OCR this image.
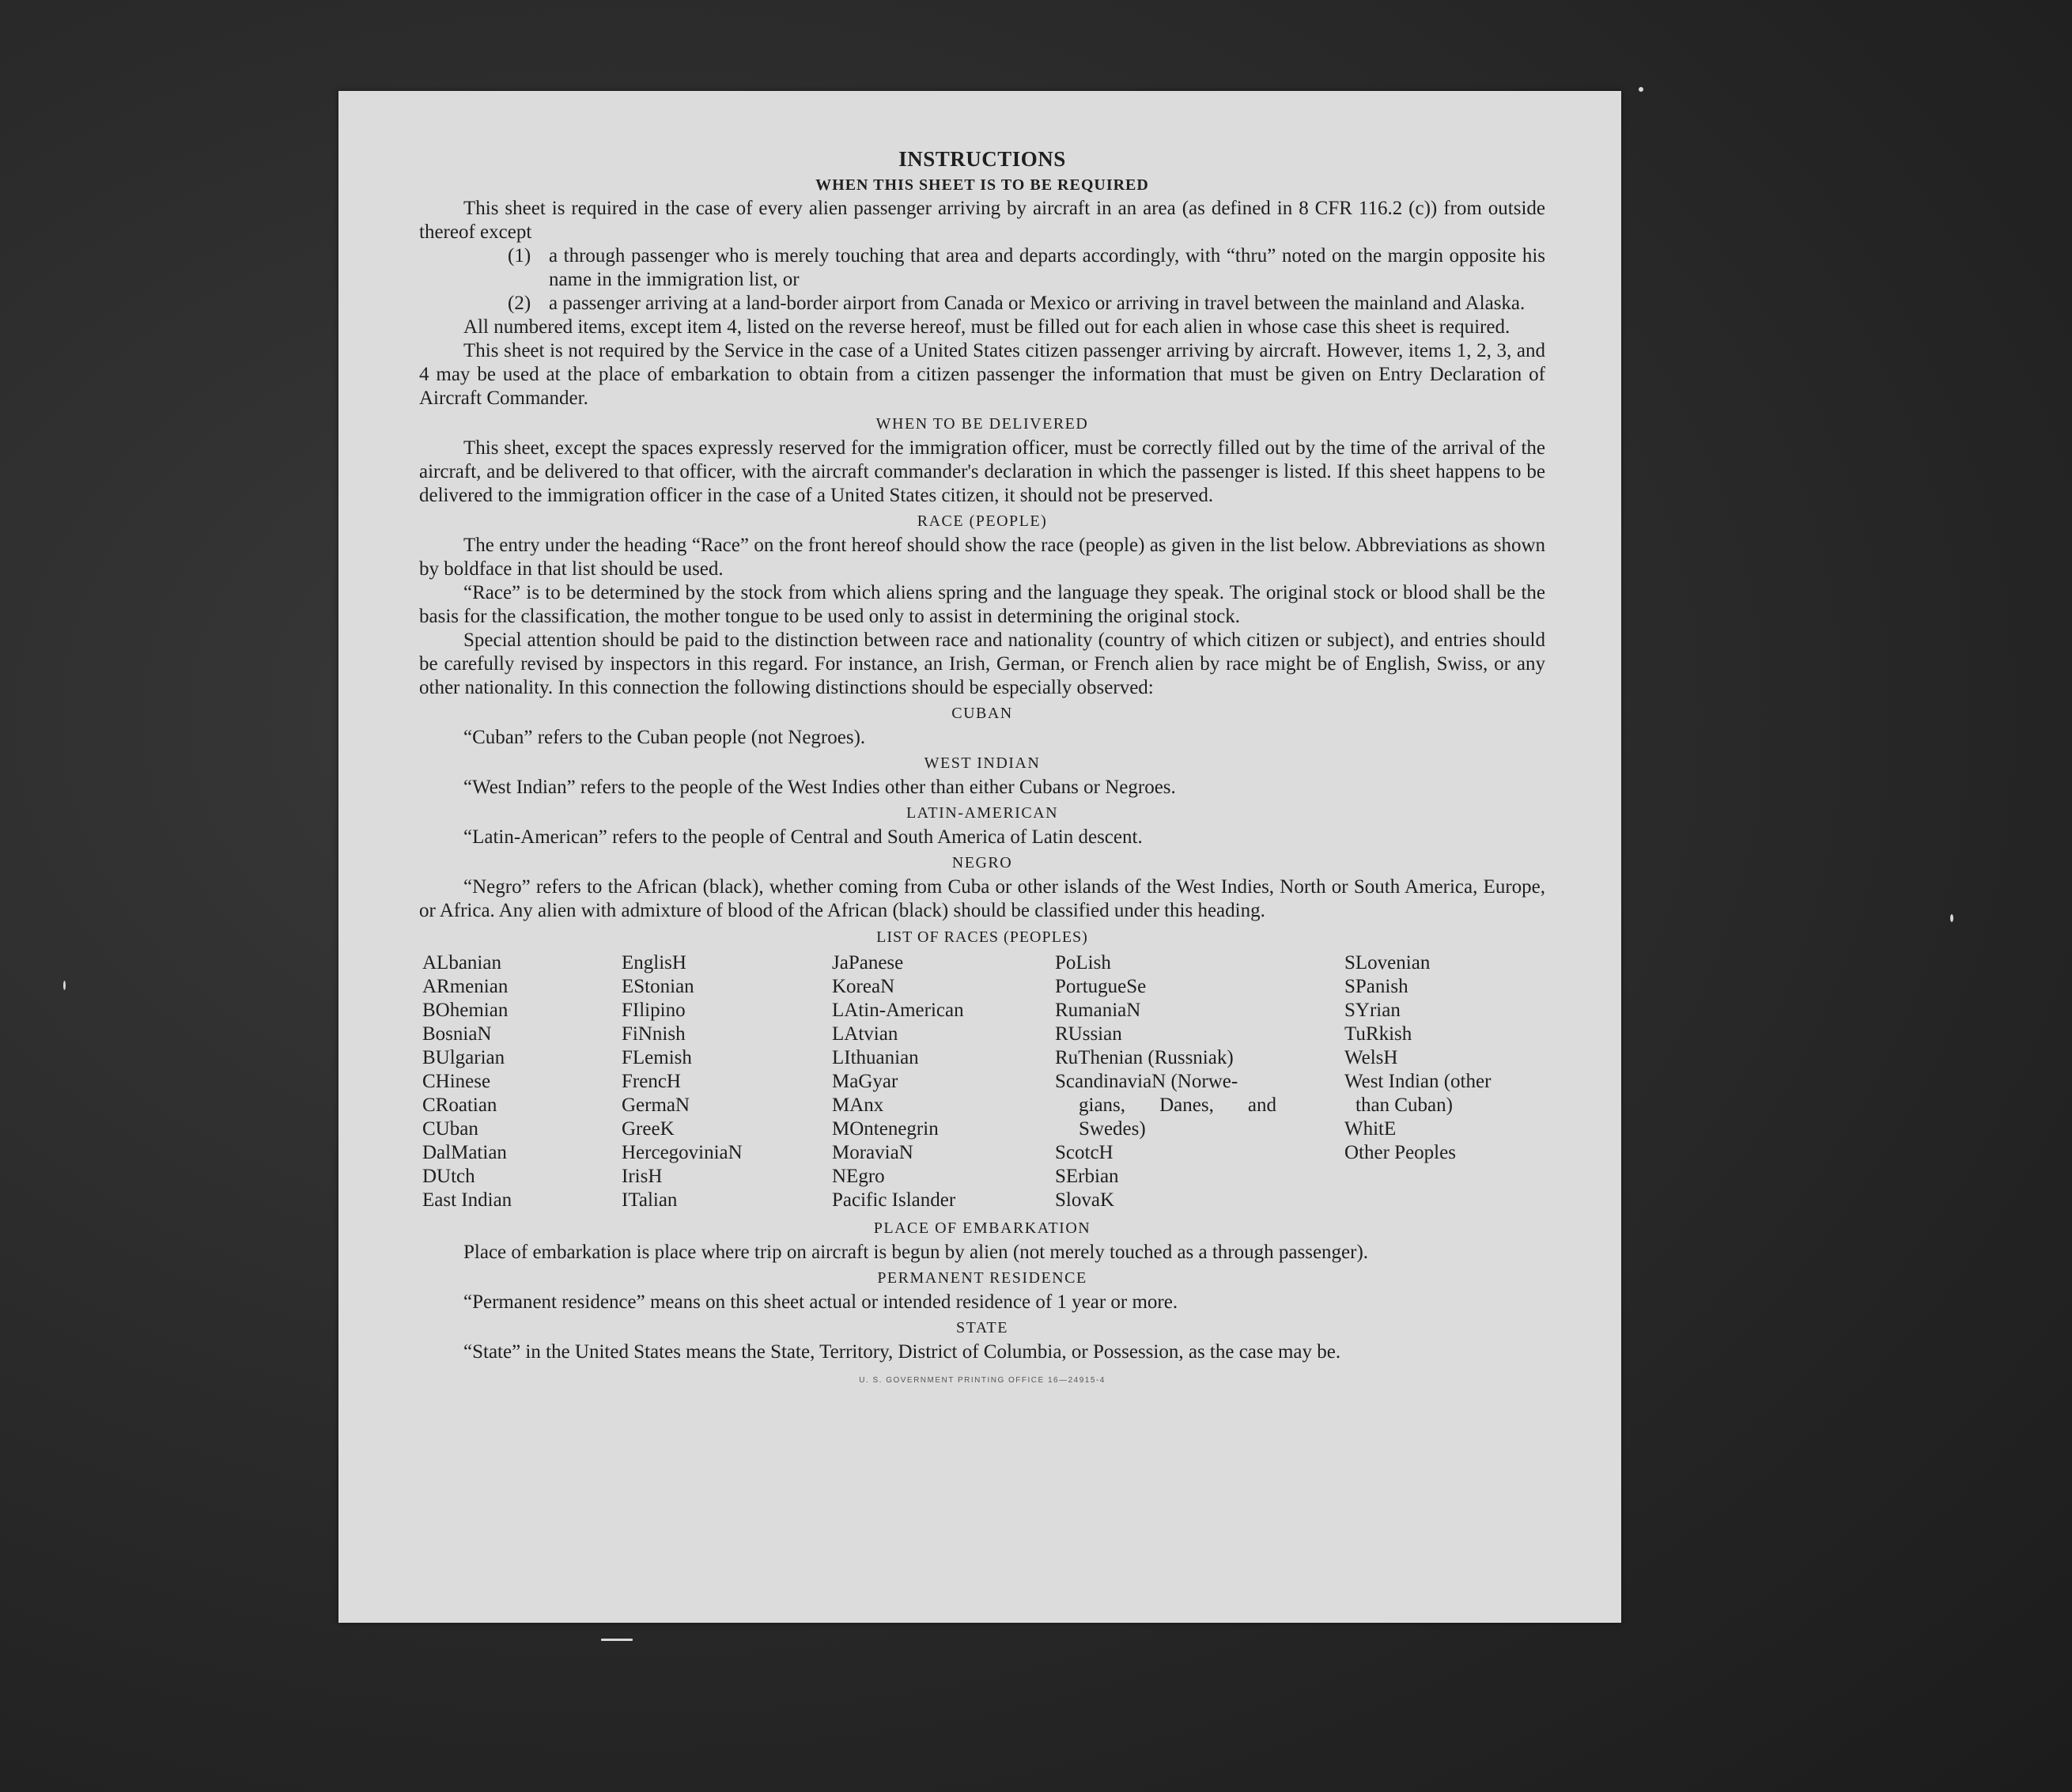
INSTRUCTIONS
WHEN THIS SHEET IS TO BE REQUIRED

This sheet is required in the case of every alien passenger arriving by aircraft in an area (as defined in 8 CFR 116.2 (c)) from outside thereof except

(1) a through passenger who is merely touching that area and departs accordingly, with “thru” noted on the margin opposite his name in the immigration list, or
(2) a passenger arriving at a land-border airport from Canada or Mexico or arriving in travel between the mainland and Alaska.

All numbered items, except item 4, listed on the reverse hereof, must be filled out for each alien in whose case this sheet is required.

This sheet is not required by the Service in the case of a United States citizen passenger arriving by aircraft. However, items 1, 2, 3, and 4 may be used at the place of embarkation to obtain from a citizen passenger the information that must be given on Entry Declaration of Aircraft Commander.

WHEN TO BE DELIVERED

This sheet, except the spaces expressly reserved for the immigration officer, must be correctly filled out by the time of the arrival of the aircraft, and be delivered to that officer, with the aircraft commander's declaration in which the passenger is listed. If this sheet happens to be delivered to the immigration officer in the case of a United States citizen, it should not be preserved.

RACE (PEOPLE)

The entry under the heading “Race” on the front hereof should show the race (people) as given in the list below. Abbreviations as shown by boldface in that list should be used.

“Race” is to be determined by the stock from which aliens spring and the language they speak. The original stock or blood shall be the basis for the classification, the mother tongue to be used only to assist in determining the original stock.

Special attention should be paid to the distinction between race and nationality (country of which citizen or subject), and entries should be carefully revised by inspectors in this regard. For instance, an Irish, German, or French alien by race might be of English, Swiss, or any other nationality. In this connection the following distinctions should be especially observed:

CUBAN

“Cuban” refers to the Cuban people (not Negroes).

WEST INDIAN

“West Indian” refers to the people of the West Indies other than either Cubans or Negroes.

LATIN-AMERICAN

“Latin-American” refers to the people of Central and South America of Latin descent.

NEGRO

“Negro” refers to the African (black), whether coming from Cuba or other islands of the West Indies, North or South America, Europe, or Africa. Any alien with admixture of blood of the African (black) should be classified under this heading.

LIST OF RACES (PEOPLES)
ALbanian
ARmenian
BOhemian
BosniaN
BUlgarian
CHinese
CRoatian
CUban
DalMatian
DUtch
East Indian
EnglisH
EStonian
FIlipino
FiNnish
FLemish
FrencH
GermaN
GreeK
HercegoviniaN
IrisH
ITalian
JaPanese
KoreaN
LAtin-American
LAtvian
LIthuanian
MaGyar
MAnx
MOntenegrin
MoraviaN
NEgro
Pacific Islander
PoLish
PortugueSe
RumaniaN
RUssian
RuThenian (Russniak)
ScandinaviaN (Norwe-
gians, Danes, and Swedes)
ScotcH
SErbian
SlovaK
SLovenian
SPanish
SYrian
TuRkish
WelsH
West Indian (other
than Cuban)
WhitE
Other Peoples
PLACE OF EMBARKATION

Place of embarkation is place where trip on aircraft is begun by alien (not merely touched as a through passenger).

PERMANENT RESIDENCE

“Permanent residence” means on this sheet actual or intended residence of 1 year or more.

STATE

“State” in the United States means the State, Territory, District of Columbia, or Possession, as the case may be.

U. S. GOVERNMENT PRINTING OFFICE 16—24915-4
